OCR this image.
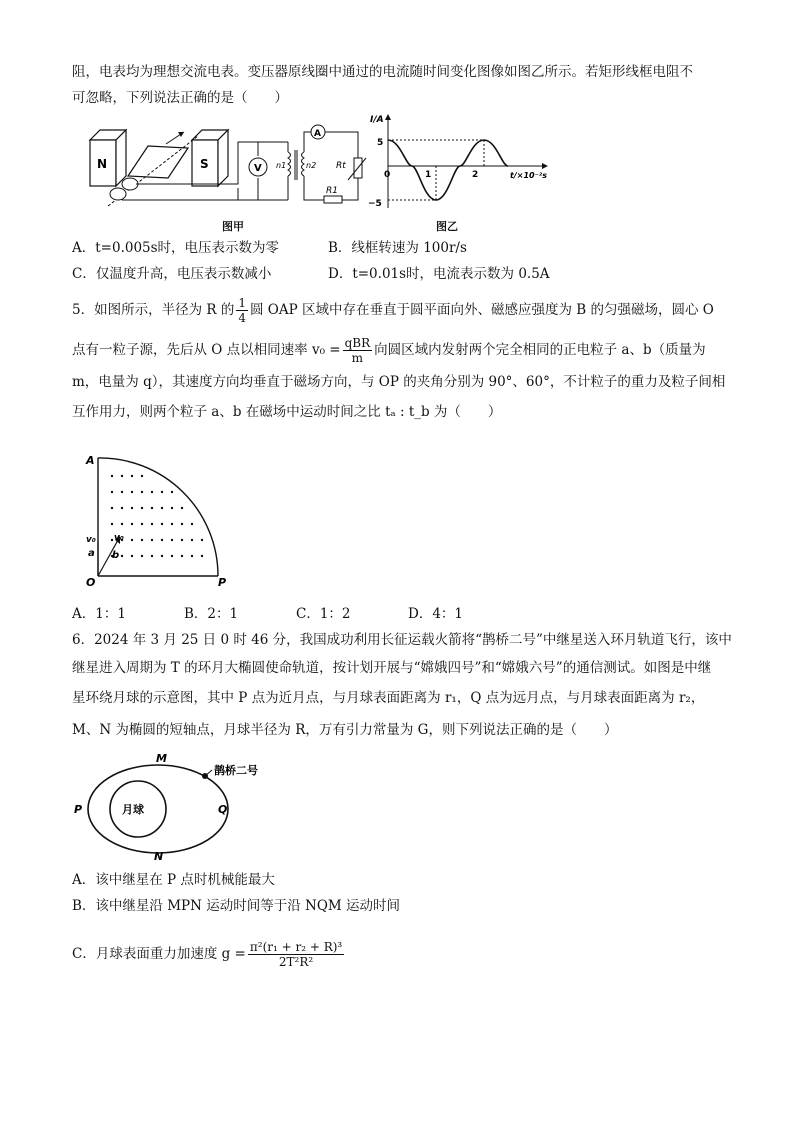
阻，电表均为理想交流电表。变压器原线圈中通过的电流随时间变化图像如图乙所示。若矩形线框电阻不
可忽略，下列说法正确的是（　　）
N	S	V n1 n2
A
Rt
R1
图甲
I/A
t/×10⁻²s
5
−5
0	1	2
图乙
A．t=0.005s时，电压表示数为零	B．线框转速为 100r/s
C．仅温度升高，电压表示数减小	D．t=0.01s时，电流表示数为 0.5A
5．如图所示，半径为 R 的 $\frac{1}{4}$ 圆 OAP 区域中存在垂直于圆平面向外、磁感应强度为 B 的匀强磁场，圆心 O
点有一粒子源，先后从 O 点以相同速率 $v_0 = \frac{\text{qBR}}{m}$ 向圆区域内发射两个完全相同的正电粒子 a、b（质量为
m，电量为 q），其速度方向均垂直于磁场方向，与 OP 的夹角分别为 90°、60°，不计粒子的重力及粒子间相
互作用力，则两个粒子 a、b 在磁场中运动时间之比 tₐ : t_b 为（　　）
A
O	P
v₀
a
v₀
b
A．1：1	B．2：1	C．1：2	D．4：1
6．2024 年 3 月 25 日 0 时 46 分，我国成功利用长征运载火箭将“鹊桥二号”中继星送入环月轨道飞行，该中
继星进入周期为 T 的环月大椭圆使命轨道，按计划开展与“嫦娥四号”和“嫦娥六号”的通信测试。如图是中继
星环绕月球的示意图，其中 P 点为近月点，与月球表面距离为 r₁，Q 点为远月点，与月球表面距离为 r₂，
M、N 为椭圆的短轴点，月球半径为 R，万有引力常量为 G，则下列说法正确的是（　　）
月球
M
N
P	Q
鹊桥二号
A．该中继星在 P 点时机械能最大
B．该中继星沿 MPN 运动时间等于沿 NQM 运动时间
C．月球表面重力加速度 $g = \frac{\text{π²(r₁ + r₂ + R)³}}{\text{2T²R²}}$
